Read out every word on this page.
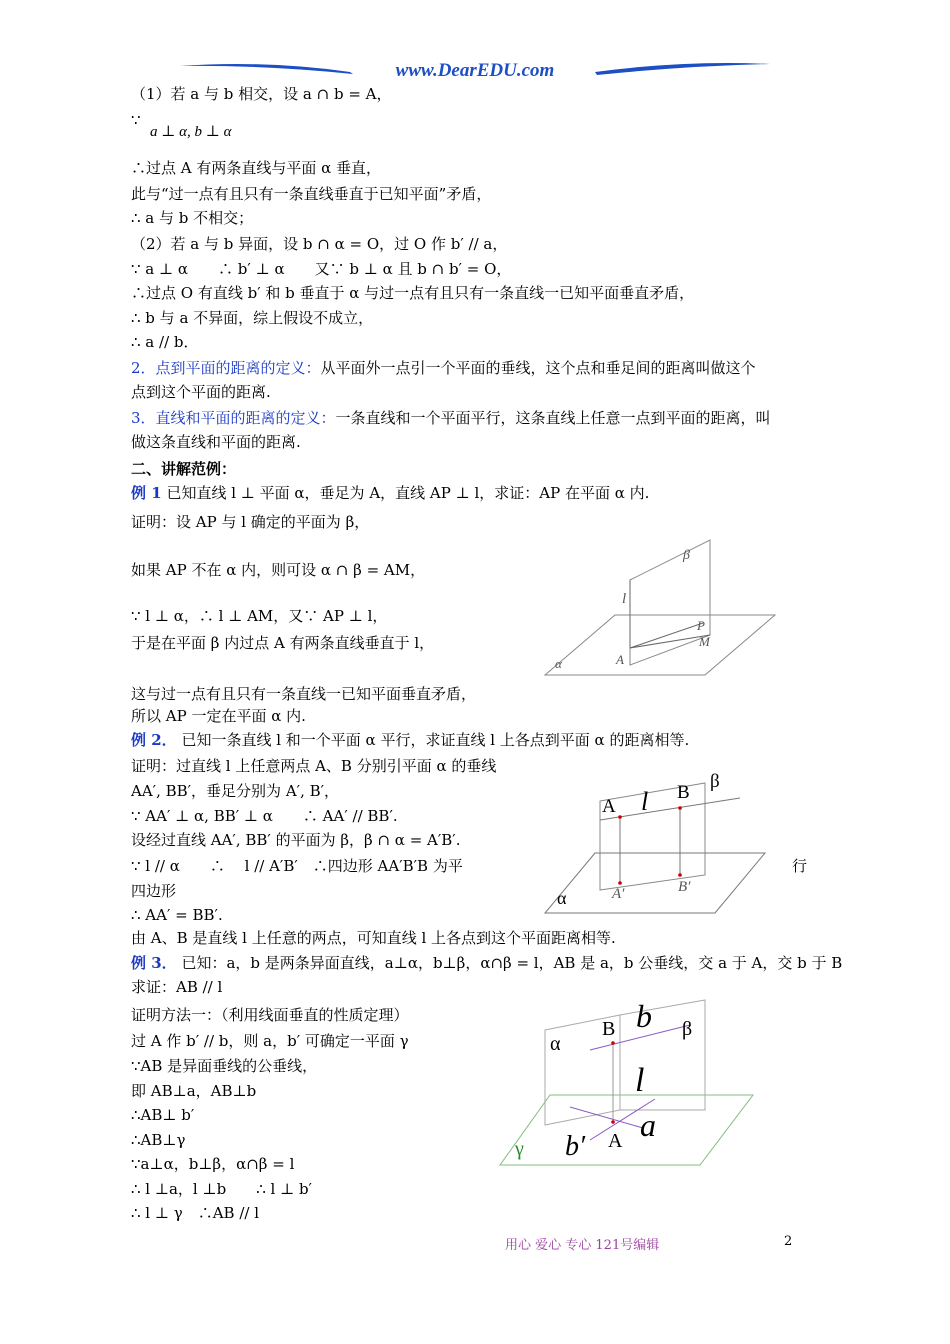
www.DearEDU.com
（1）若 a 与 b 相交，设 a ∩ b = A，
∵
a ⊥ α, b ⊥ α
∴过点 A 有两条直线与平面 α 垂直，
此与“过一点有且只有一条直线垂直于已知平面”矛盾，
∴ a 与 b 不相交；
（2）若 a 与 b 异面，设 b ∩ α = O，过 O 作 b′ // a，
∵ a ⊥ α　　∴ b′ ⊥ α　　又∵ b ⊥ α 且 b ∩ b′ = O，
∴过点 O 有直线 b′ 和 b 垂直于 α 与过一点有且只有一条直线一已知平面垂直矛盾，
∴ b 与 a 不异面，综上假设不成立，
∴ a // b．
2．点到平面的距离的定义：从平面外一点引一个平面的垂线，这个点和垂足间的距离叫做这个
点到这个平面的距离.
3．直线和平面的距离的定义：一条直线和一个平面平行，这条直线上任意一点到平面的距离，叫
做这条直线和平面的距离.
二、讲解范例：
例 1 已知直线 l ⊥ 平面 α，垂足为 A，直线 AP ⊥ l，求证：AP 在平面 α 内.
证明：设 AP 与 l 确定的平面为 β，
如果 AP 不在 α 内，则可设 α ∩ β = AM，
∵ l ⊥ α，∴ l ⊥ AM，又∵ AP ⊥ l，
于是在平面 β 内过点 A 有两条直线垂直于 l，
这与过一点有且只有一条直线一已知平面垂直矛盾，
所以 AP 一定在平面 α 内.
β
l
P
M
A
α
例 2． 已知一条直线 l 和一个平面 α 平行，求证直线 l 上各点到平面 α 的距离相等.
证明：过直线 l 上任意两点 A、B 分别引平面 α 的垂线
AA′, BB′，垂足分别为 A′, B′，
∵ AA′ ⊥ α, BB′ ⊥ α　　∴ AA′ // BB′.
设经过直线 AA′, BB′ 的平面为 β，β ∩ α = A′B′.
∵ l // α　　∴　 l // A′B′　∴四边形 AA′B′B 为平	行
四边形
∴ AA′ = BB′.
由 A、B 是直线 l 上任意的两点，可知直线 l 上各点到这个平面距离相等.
β
A l B
α	A′	B′
例 3． 已知：a，b 是两条异面直线，a⊥α，b⊥β，α∩β = l，AB 是 a，b 公垂线，交 a 于 A，交 b 于 B
求证：AB // l
证明方法一：（利用线面垂直的性质定理）
过 A 作 b′ // b，则 a，b′ 可确定一平面 γ
∵AB 是异面垂线的公垂线，
即 AB⊥a，AB⊥b
∴AB⊥ b′
∴AB⊥γ
∵a⊥α，b⊥β，α∩β = l
∴ l ⊥a，l ⊥b　　∴ l ⊥ b′
∴ l ⊥ γ　∴AB // l
α
B b β
l
a
A
b′
γ
用心 爱心 专心 121号编辑	2
